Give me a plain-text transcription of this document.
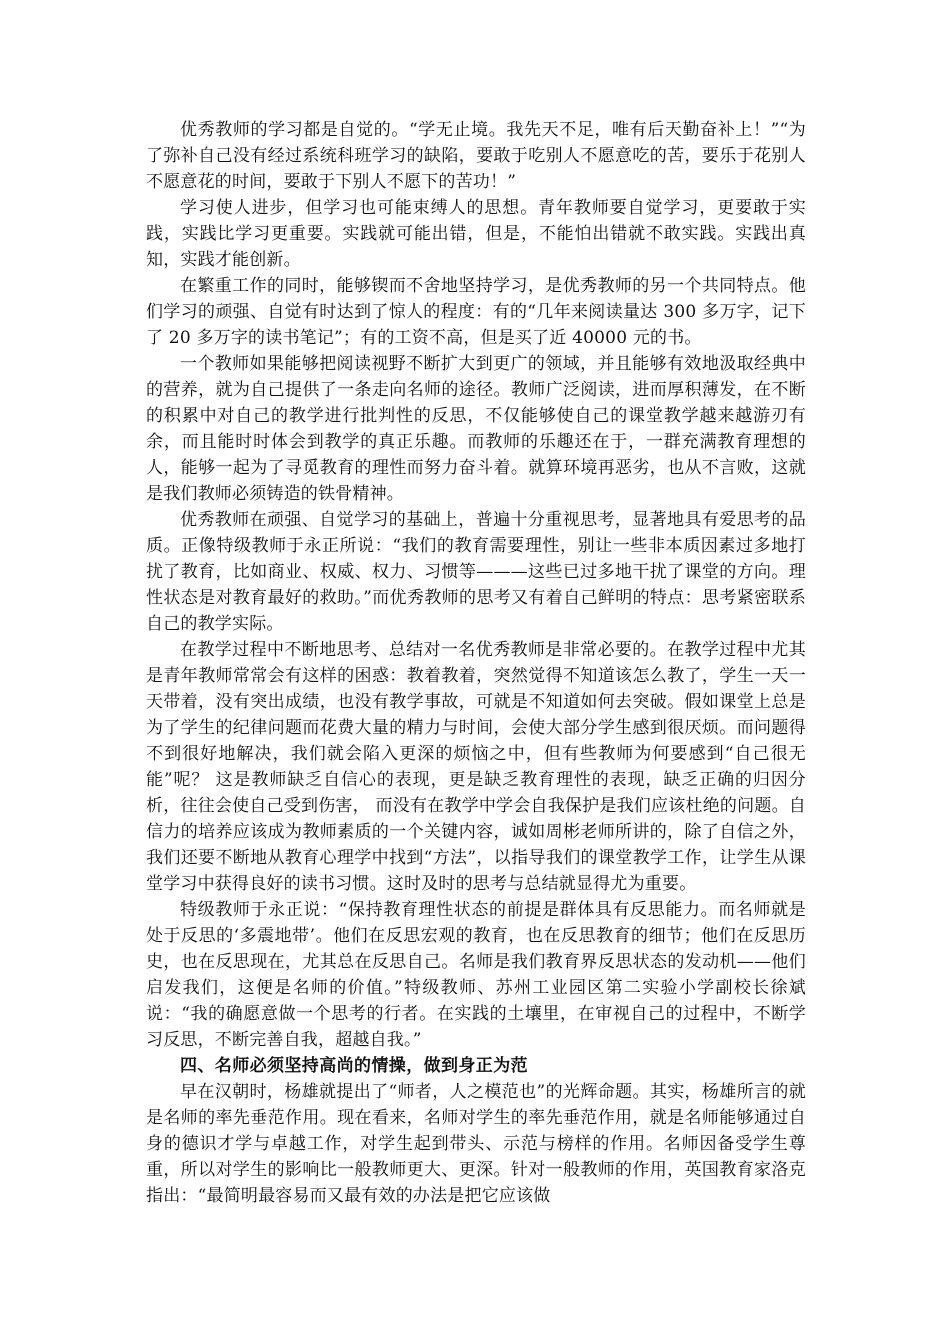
优秀教师的学习都是自觉的。“学无止境。我先天不足，唯有后天勤奋补上！”“为了弥补自己没有经过系统科班学习的缺陷，要敢于吃别人不愿意吃的苦，要乐于花别人不愿意花的时间，要敢于下别人不愿下的苦功！”

学习使人进步，但学习也可能束缚人的思想。青年教师要自觉学习，更要敢于实践，实践比学习更重要。实践就可能出错，但是，不能怕出错就不敢实践。实践出真知，实践才能创新。

在繁重工作的同时，能够锲而不舍地坚持学习，是优秀教师的另一个共同特点。他们学习的顽强、自觉有时达到了惊人的程度：有的“几年来阅读量达 300 多万字，记下了 20 多万字的读书笔记”；有的工资不高，但是买了近 40000 元的书。

一个教师如果能够把阅读视野不断扩大到更广的领域，并且能够有效地汲取经典中的营养，就为自己提供了一条走向名师的途径。教师广泛阅读，进而厚积薄发，在不断的积累中对自己的教学进行批判性的反思，不仅能够使自己的课堂教学越来越游刃有余，而且能时时体会到教学的真正乐趣。而教师的乐趣还在于，一群充满教育理想的人，能够一起为了寻觅教育的理性而努力奋斗着。就算环境再恶劣，也从不言败，这就是我们教师必须铸造的铁骨精神。

优秀教师在顽强、自觉学习的基础上，普遍十分重视思考，显著地具有爱思考的品质。正像特级教师于永正所说：“我们的教育需要理性，别让一些非本质因素过多地打扰了教育，比如商业、权威、权力、习惯等———这些已过多地干扰了课堂的方向。理性状态是对教育最好的救助。”而优秀教师的思考又有着自己鲜明的特点：思考紧密联系自己的教学实际。

在教学过程中不断地思考、总结对一名优秀教师是非常必要的。在教学过程中尤其是青年教师常常会有这样的困惑：教着教着，突然觉得不知道该怎么教了，学生一天一天带着，没有突出成绩，也没有教学事故，可就是不知道如何去突破。假如课堂上总是为了学生的纪律问题而花费大量的精力与时间，会使大部分学生感到很厌烦。而问题得不到很好地解决，我们就会陷入更深的烦恼之中，但有些教师为何要感到“自己很无能”呢？ 这是教师缺乏自信心的表现，更是缺乏教育理性的表现，缺乏正确的归因分析，往往会使自己受到伤害， 而没有在教学中学会自我保护是我们应该杜绝的问题。自信力的培养应该成为教师素质的一个关键内容，诚如周彬老师所讲的，除了自信之外，我们还要不断地从教育心理学中找到“方法”，以指导我们的课堂教学工作，让学生从课堂学习中获得良好的读书习惯。这时及时的思考与总结就显得尤为重要。

特级教师于永正说：“保持教育理性状态的前提是群体具有反思能力。而名师就是处于反思的‘多震地带’。他们在反思宏观的教育，也在反思教育的细节；他们在反思历史，也在反思现在，尤其总在反思自己。名师是我们教育界反思状态的发动机——他们启发我们，这便是名师的价值。”特级教师、苏州工业园区第二实验小学副校长徐斌说：“我的确愿意做一个思考的行者。在实践的土壤里，在审视自己的过程中，不断学习反思，不断完善自我，超越自我。”

四、名师必须坚持高尚的情操，做到身正为范

早在汉朝时，杨雄就提出了“师者，人之模范也”的光辉命题。其实，杨雄所言的就是名师的率先垂范作用。现在看来，名师对学生的率先垂范作用，就是名师能够通过自身的德识才学与卓越工作，对学生起到带头、示范与榜样的作用。名师因备受学生尊重，所以对学生的影响比一般教师更大、更深。针对一般教师的作用，英国教育家洛克指出：“最简明最容易而又最有效的办法是把它应该做
